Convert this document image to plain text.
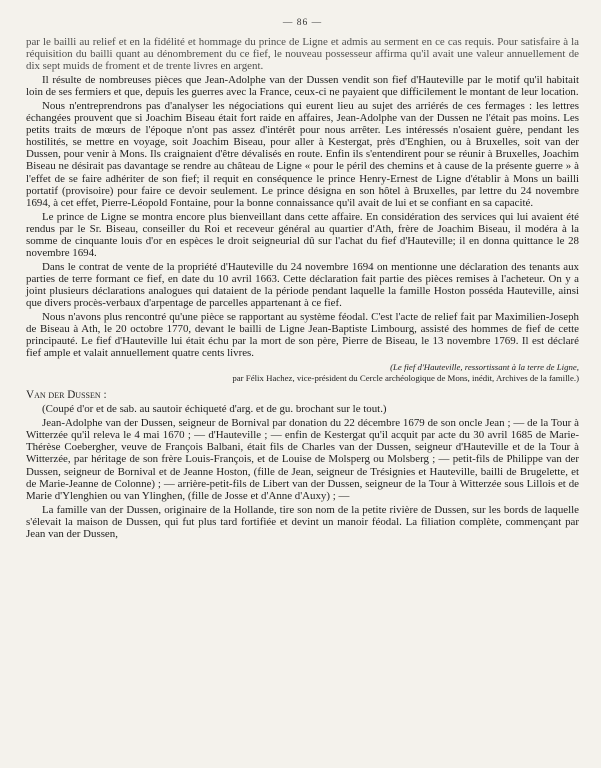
— 86 —

par le bailli au relief et en la fidélité et hommage du prince de Ligne et admis au serment en ce cas requis. Pour satisfaire à la réquisition du bailli quant au dénombrement du ce fief, le nouveau possesseur affirma qu'il avait une valeur annuellement de dix sept muids de froment et de trente livres en argent.

Il résulte de nombreuses pièces que Jean-Adolphe van der Dussen vendit son fief d'Hauteville par le motif qu'il habitait loin de ses fermiers et que, depuis les guerres avec la France, ceux-ci ne payaient que difficilement le montant de leur location.

Nous n'entreprendrons pas d'analyser les négociations qui eurent lieu au sujet des arriérés de ces fermages : les lettres échangées prouvent que si Joachim Biseau était fort raide en affaires, Jean-Adolphe van der Dussen ne l'était pas moins. Les petits traits de mœurs de l'époque n'ont pas assez d'intérêt pour nous arrêter. Les intéressés n'osaient guère, pendant les hostilités, se mettre en voyage, soit Joachim Biseau, pour aller à Kestergat, près d'Enghien, ou à Bruxelles, soit van der Dussen, pour venir à Mons. Ils craignaient d'être dévalisés en route. Enfin ils s'entendirent pour se réunir à Bruxelles, Joachim Biseau ne désirait pas davantage se rendre au château de Ligne « pour le péril des chemins et à cause de la présente guerre » à l'effet de se faire adhériter de son fief; il requit en conséquence le prince Henry-Ernest de Ligne d'établir à Mons un bailli portatif (provisoire) pour faire ce devoir seulement. Le prince désigna en son hôtel à Bruxelles, par lettre du 24 novembre 1694, à cet effet, Pierre-Léopold Fontaine, pour la bonne connaissance qu'il avait de lui et se confiant en sa capacité.

Le prince de Ligne se montra encore plus bienveillant dans cette affaire. En considération des services qui lui avaient été rendus par le Sr. Biseau, conseiller du Roi et receveur général au quartier d'Ath, frère de Joachim Biseau, il modéra à la somme de cinquante louis d'or en espèces le droit seigneurial dû sur l'achat du fief d'Hauteville; il en donna quittance le 28 novembre 1694.

Dans le contrat de vente de la propriété d'Hauteville du 24 novembre 1694 on mentionne une déclaration des tenants aux parties de terre formant ce fief, en date du 10 avril 1663. Cette déclaration fait partie des pièces remises à l'acheteur. On y a joint plusieurs déclarations analogues qui dataient de la période pendant laquelle la famille Hoston posséda Hauteville, ainsi que divers procès-verbaux d'arpentage de parcelles appartenant à ce fief.

Nous n'avons plus rencontré qu'une pièce se rapportant au système féodal. C'est l'acte de relief fait par Maximilien-Joseph de Biseau à Ath, le 20 octobre 1770, devant le bailli de Ligne Jean-Baptiste Limbourg, assisté des hommes de fief de cette principauté. Le fief d'Hauteville lui était échu par la mort de son père, Pierre de Biseau, le 13 novembre 1769. Il est déclaré fief ample et valait annuellement quatre cents livres.

(Le fief d'Hauteville, ressortissant à la terre de Ligne,
par Félix Hachez, vice-président du Cercle archéologique de Mons, inédit, Archives de la famille.)
Van der Dussen :

(Coupé d'or et de sab. au sautoir échiqueté d'arg. et de gu. brochant sur le tout.)

Jean-Adolphe van der Dussen, seigneur de Bornival par donation du 22 décembre 1679 de son oncle Jean ; — de la Tour à Witterzée qu'il releva le 4 mai 1670 ; — d'Hauteville ; — enfin de Kestergat qu'il acquit par acte du 30 avril 1685 de Marie-Thérèse Coebergher, veuve de François Balbani, était fils de Charles van der Dussen, seigneur d'Hauteville et de la Tour à Witterzée, par héritage de son frère Louis-François, et de Louise de Molsperg ou Molsberg ; — petit-fils de Philippe van der Dussen, seigneur de Bornival et de Jeanne Hoston, (fille de Jean, seigneur de Trésignies et Hauteville, bailli de Brugelette, et de Marie-Jeanne de Colonne) ; — arrière-petit-fils de Libert van der Dussen, seigneur de la Tour à Witterzée sous Lillois et de Marie d'Ylenghien ou van Ylinghen, (fille de Josse et d'Anne d'Auxy) ; —

La famille van der Dussen, originaire de la Hollande, tire son nom de la petite rivière de Dussen, sur les bords de laquelle s'élevait la maison de Dussen, qui fut plus tard fortifiée et devint un manoir féodal. La filiation complète, commençant par Jean van der Dussen,
